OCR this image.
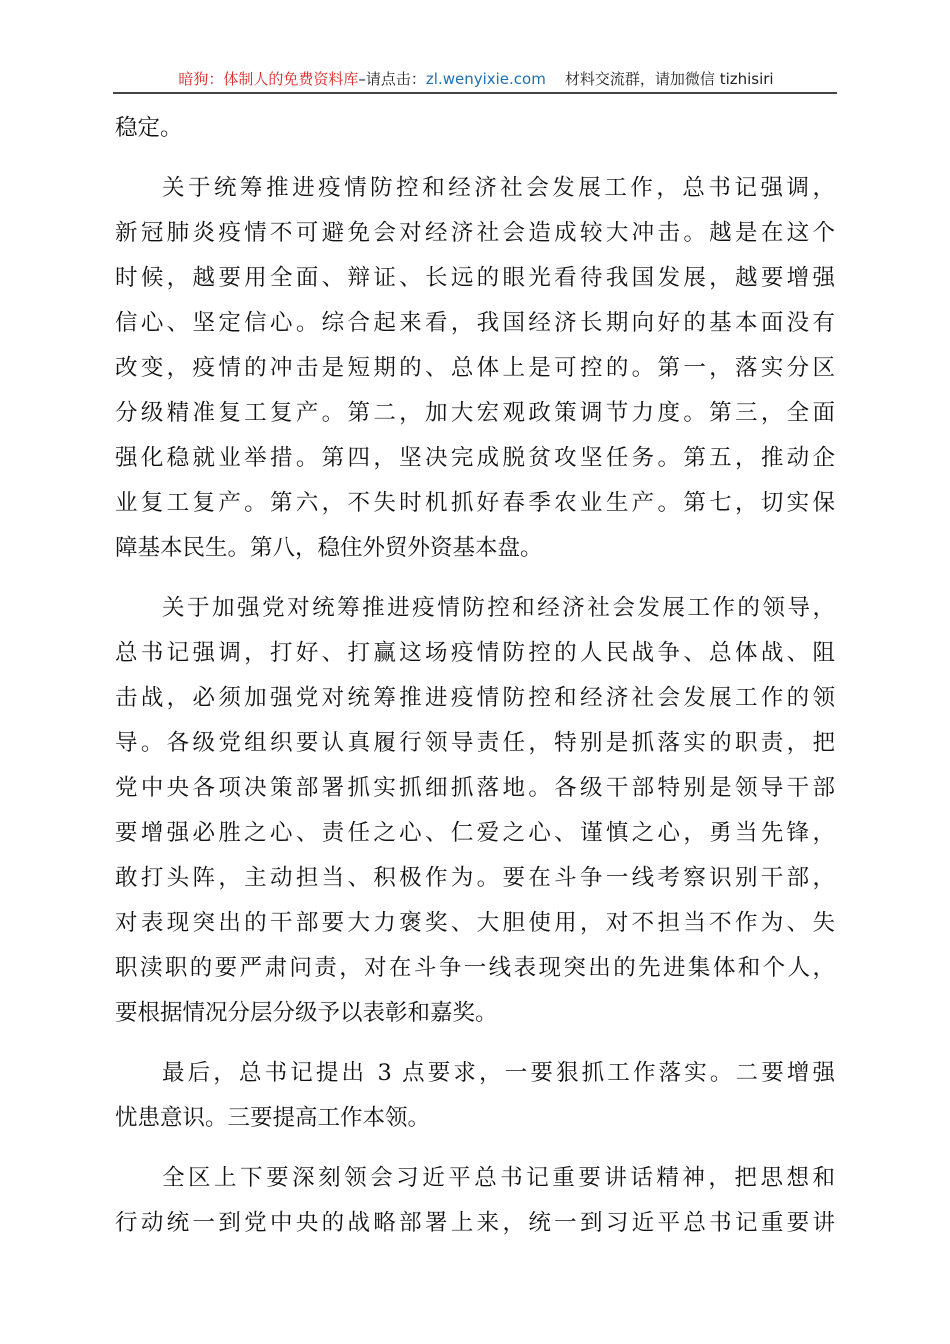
暗狗：体制人的免费资料库–请点击：zl.wenyixie.com 材料交流群，请加微信 tizhisiri
稳定。
关于统筹推进疫情防控和经济社会发展工作，总书记强调，
新冠肺炎疫情不可避免会对经济社会造成较大冲击。越是在这个
时候，越要用全面、辩证、长远的眼光看待我国发展，越要增强
信心、坚定信心。综合起来看，我国经济长期向好的基本面没有
改变，疫情的冲击是短期的、总体上是可控的。第一，落实分区
分级精准复工复产。第二，加大宏观政策调节力度。第三，全面
强化稳就业举措。第四，坚决完成脱贫攻坚任务。第五，推动企
业复工复产。第六，不失时机抓好春季农业生产。第七，切实保
障基本民生。第八，稳住外贸外资基本盘。
关于加强党对统筹推进疫情防控和经济社会发展工作的领导，
总书记强调，打好、打赢这场疫情防控的人民战争、总体战、阻
击战，必须加强党对统筹推进疫情防控和经济社会发展工作的领
导。各级党组织要认真履行领导责任，特别是抓落实的职责，把
党中央各项决策部署抓实抓细抓落地。各级干部特别是领导干部
要增强必胜之心、责任之心、仁爱之心、谨慎之心，勇当先锋，
敢打头阵，主动担当、积极作为。要在斗争一线考察识别干部，
对表现突出的干部要大力褒奖、大胆使用，对不担当不作为、失
职渎职的要严肃问责，对在斗争一线表现突出的先进集体和个人，
要根据情况分层分级予以表彰和嘉奖。
最后，总书记提出 3 点要求，一要狠抓工作落实。二要增强
忧患意识。三要提高工作本领。
全区上下要深刻领会习近平总书记重要讲话精神，把思想和
行动统一到党中央的战略部署上来，统一到习近平总书记重要讲
